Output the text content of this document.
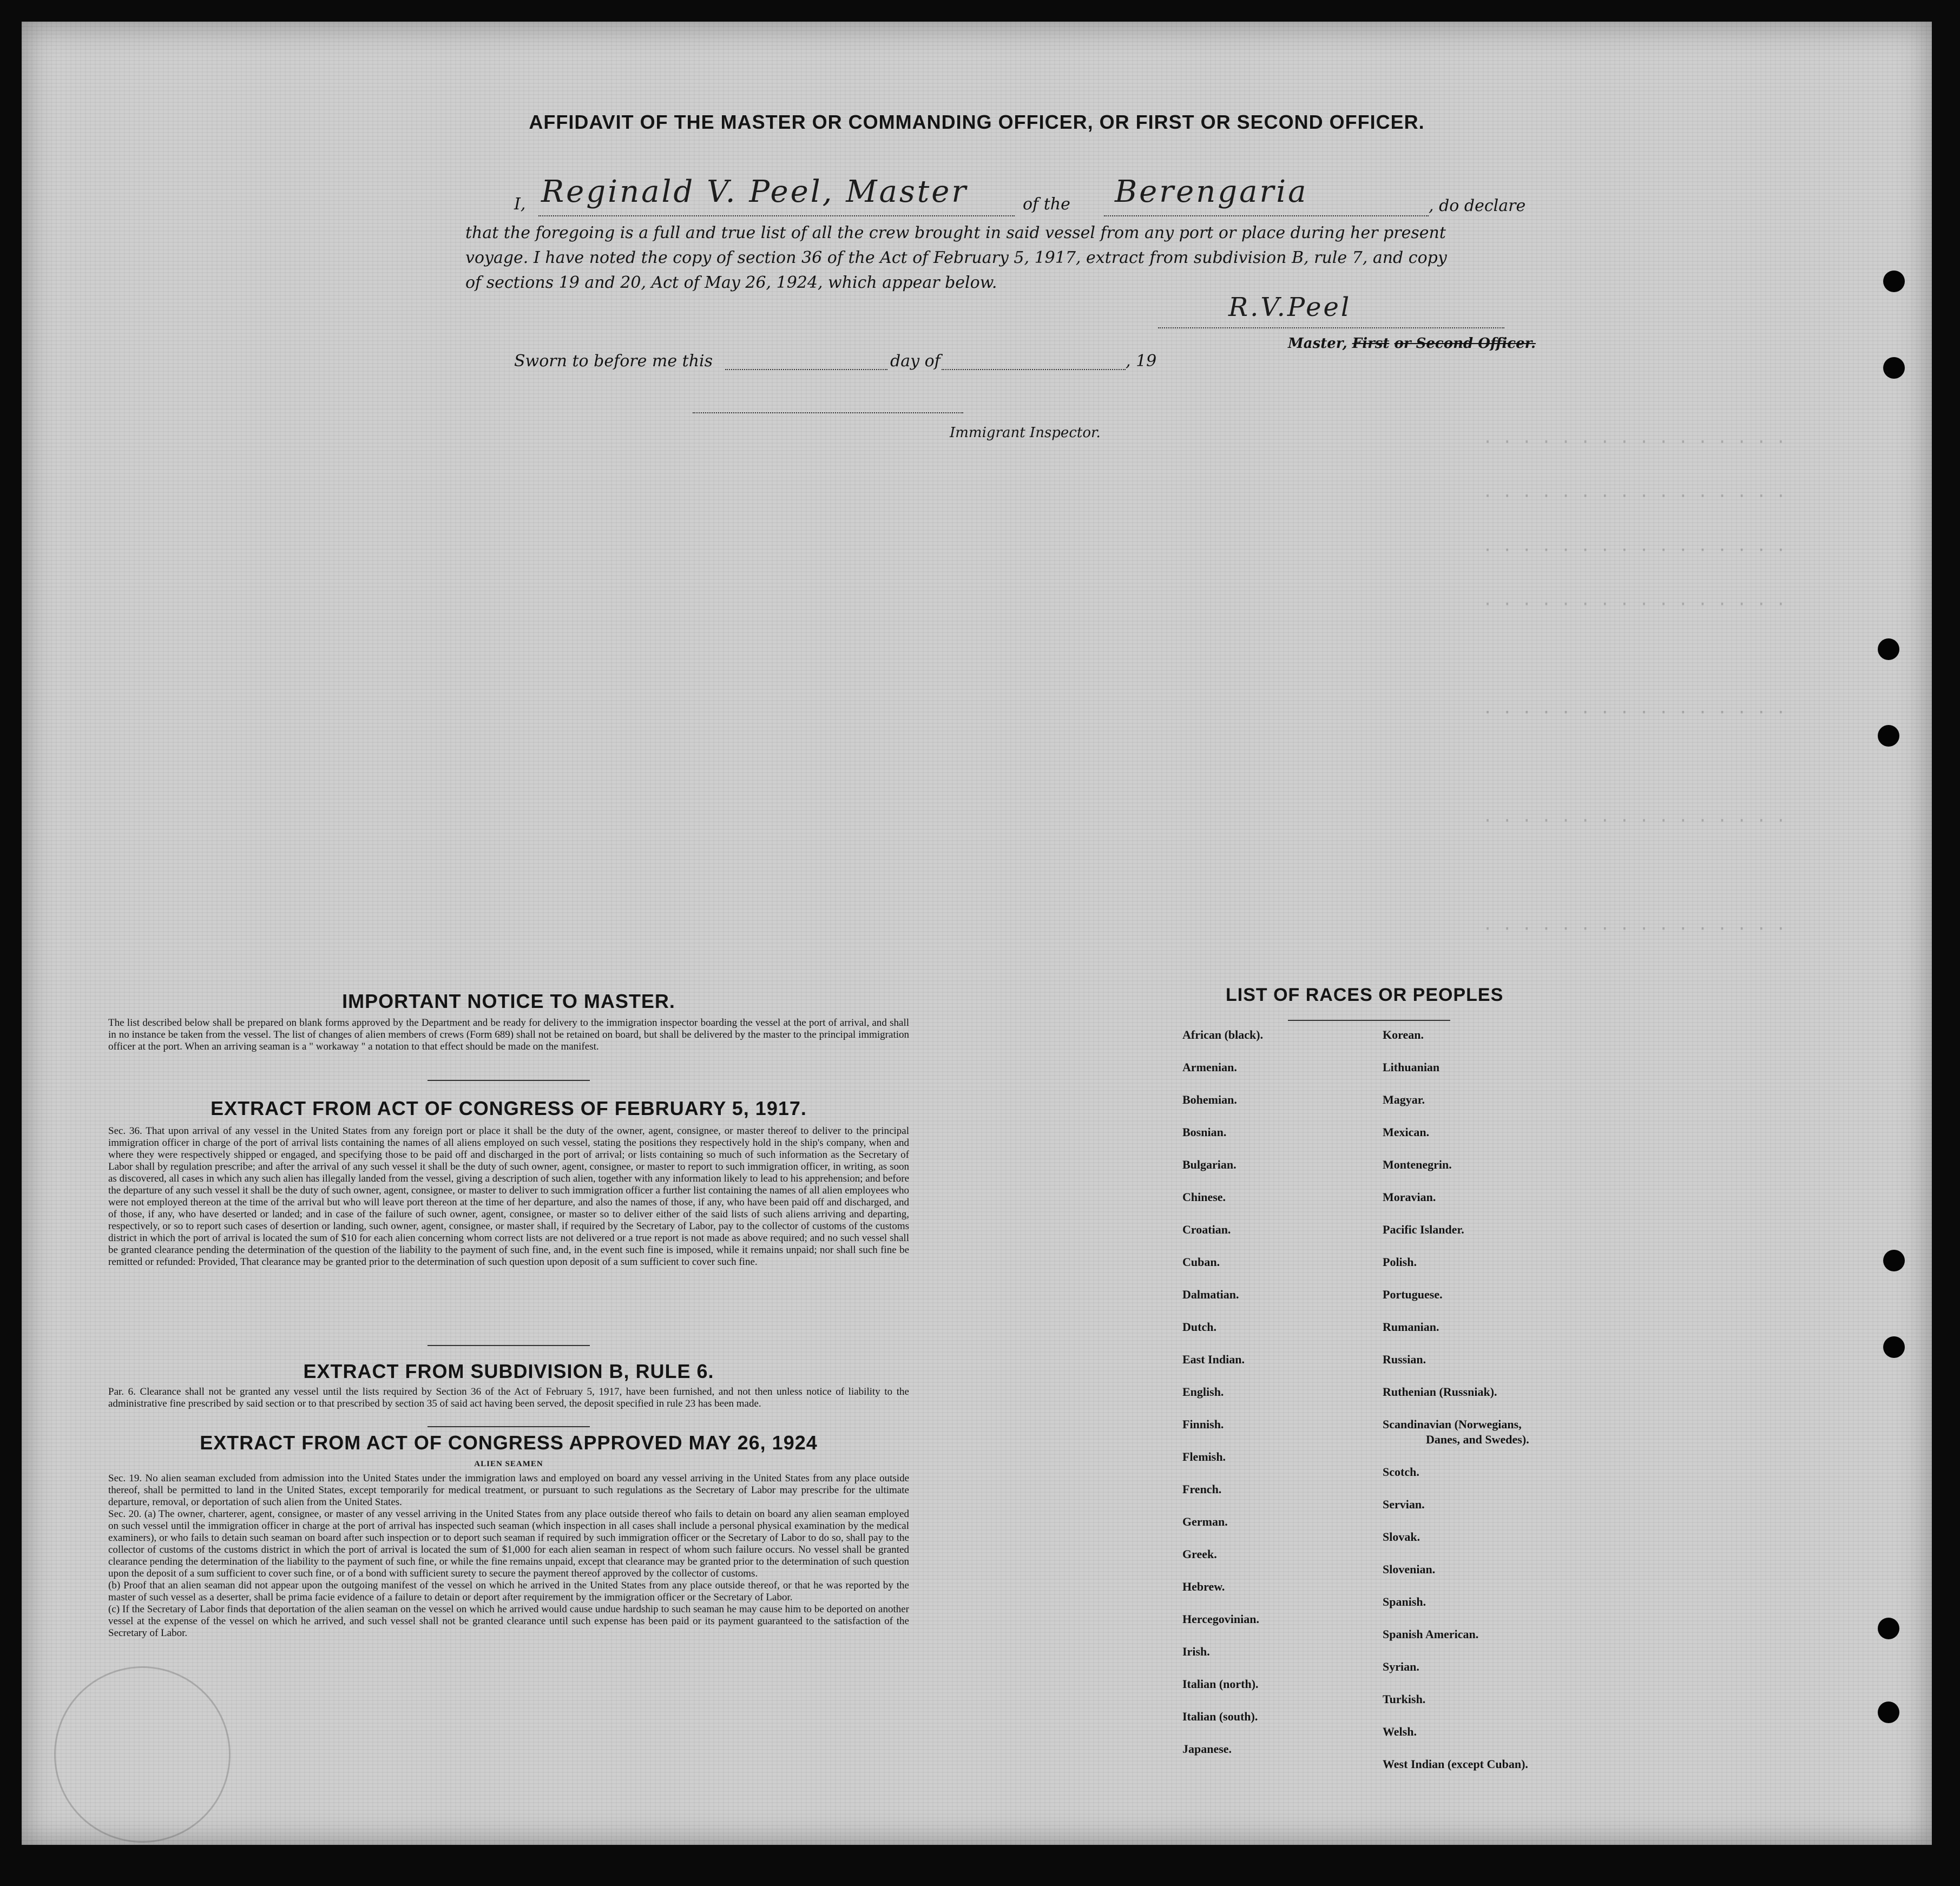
· · · · · · · · · · · · · · · ·
· · · · · · · · · · · · · · · ·
· · · · · · · · · · · · · · · ·
· · · · · · · · · · · · · · · ·
· · · · · · · · · · · · · · · ·
· · · · · · · · · · · · · · · ·
· · · · · · · · · · · · · · · ·
AFFIDAVIT OF THE MASTER OR COMMANDING OFFICER, OR FIRST OR SECOND OFFICER.
I, Reginald V. Peel, Master	of the Berengaria	, do declare
that the foregoing is a full and true list of all the crew brought in said vessel from any port or place during her present
voyage. I have noted the copy of section 36 of the Act of February 5, 1917, extract from subdivision B, rule 7, and copy
of sections 19 and 20, Act of May 26, 1924, which appear below.
R.V.Peel
Master, First or Second Officer.
Sworn to before me this	day of	, 19
Immigrant Inspector.
IMPORTANT NOTICE TO MASTER.
The list described below shall be prepared on blank forms approved by the Department and be ready for delivery to the immigration inspector boarding the vessel at the port of arrival, and shall in no instance be taken from the vessel. The list of changes of alien members of crews (Form 689) shall not be retained on board, but shall be delivered by the master to the principal immigration officer at the port. When an arriving seaman is a " workaway " a notation to that effect should be made on the manifest.
EXTRACT FROM ACT OF CONGRESS OF FEBRUARY 5, 1917.
Sec. 36. That upon arrival of any vessel in the United States from any foreign port or place it shall be the duty of the owner, agent, consignee, or master thereof to deliver to the principal immigration officer in charge of the port of arrival lists containing the names of all aliens employed on such vessel, stating the positions they respectively hold in the ship's company, when and where they were respectively shipped or engaged, and specifying those to be paid off and discharged in the port of arrival; or lists containing so much of such information as the Secretary of Labor shall by regulation prescribe; and after the arrival of any such vessel it shall be the duty of such owner, agent, consignee, or master to report to such immigration officer, in writing, as soon as discovered, all cases in which any such alien has illegally landed from the vessel, giving a description of such alien, together with any information likely to lead to his apprehension; and before the departure of any such vessel it shall be the duty of such owner, agent, consignee, or master to deliver to such immigration officer a further list containing the names of all alien employees who were not employed thereon at the time of the arrival but who will leave port thereon at the time of her departure, and also the names of those, if any, who have been paid off and discharged, and of those, if any, who have deserted or landed; and in case of the failure of such owner, agent, consignee, or master so to deliver either of the said lists of such aliens arriving and departing, respectively, or so to report such cases of desertion or landing, such owner, agent, consignee, or master shall, if required by the Secretary of Labor, pay to the collector of customs of the customs district in which the port of arrival is located the sum of $10 for each alien concerning whom correct lists are not delivered or a true report is not made as above required; and no such vessel shall be granted clearance pending the determination of the question of the liability to the payment of such fine, and, in the event such fine is imposed, while it remains unpaid; nor shall such fine be remitted or refunded: Provided, That clearance may be granted prior to the determination of such question upon deposit of a sum sufficient to cover such fine.
EXTRACT FROM SUBDIVISION B, RULE 6.
Par. 6. Clearance shall not be granted any vessel until the lists required by Section 36 of the Act of February 5, 1917, have been furnished, and not then unless notice of liability to the administrative fine prescribed by said section or to that prescribed by section 35 of said act having been served, the deposit specified in rule 23 has been made.
EXTRACT FROM ACT OF CONGRESS APPROVED MAY 26, 1924
ALIEN SEAMEN

Sec. 19. No alien seaman excluded from admission into the United States under the immigration laws and employed on board any vessel arriving in the United States from any place outside thereof, shall be permitted to land in the United States, except temporarily for medical treatment, or pursuant to such regulations as the Secretary of Labor may prescribe for the ultimate departure, removal, or deportation of such alien from the United States.

Sec. 20. (a) The owner, charterer, agent, consignee, or master of any vessel arriving in the United States from any place outside thereof who fails to detain on board any alien seaman employed on such vessel until the immigration officer in charge at the port of arrival has inspected such seaman (which inspection in all cases shall include a personal physical examination by the medical examiners), or who fails to detain such seaman on board after such inspection or to deport such seaman if required by such immigration officer or the Secretary of Labor to do so, shall pay to the collector of customs of the customs district in which the port of arrival is located the sum of $1,000 for each alien seaman in respect of whom such failure occurs. No vessel shall be granted clearance pending the determination of the liability to the payment of such fine, or while the fine remains unpaid, except that clearance may be granted prior to the determination of such question upon the deposit of a sum sufficient to cover such fine, or of a bond with sufficient surety to secure the payment thereof approved by the collector of customs.

(b) Proof that an alien seaman did not appear upon the outgoing manifest of the vessel on which he arrived in the United States from any place outside thereof, or that he was reported by the master of such vessel as a deserter, shall be prima facie evidence of a failure to detain or deport after requirement by the immigration officer or the Secretary of Labor.

(c) If the Secretary of Labor finds that deportation of the alien seaman on the vessel on which he arrived would cause undue hardship to such seaman he may cause him to be deported on another vessel at the expense of the vessel on which he arrived, and such vessel shall not be granted clearance until such expense has been paid or its payment guaranteed to the satisfaction of the Secretary of Labor.

LIST OF RACES OR PEOPLES
African (black).
Armenian.
Bohemian.
Bosnian.
Bulgarian.
Chinese.
Croatian.
Cuban.
Dalmatian.
Dutch.
East Indian.
English.
Finnish.
Flemish.
French.
German.
Greek.
Hebrew.
Hercegovinian.
Irish.
Italian (north).
Italian (south).
Japanese.
Korean.
Lithuanian
Magyar.
Mexican.
Montenegrin.
Moravian.
Pacific Islander.
Polish.
Portuguese.
Rumanian.
Russian.
Ruthenian (Russniak).
Scandinavian (Norwegians,
Danes, and Swedes).
Scotch.
Servian.
Slovak.
Slovenian.
Spanish.
Spanish American.
Syrian.
Turkish.
Welsh.
West Indian (except Cuban).
